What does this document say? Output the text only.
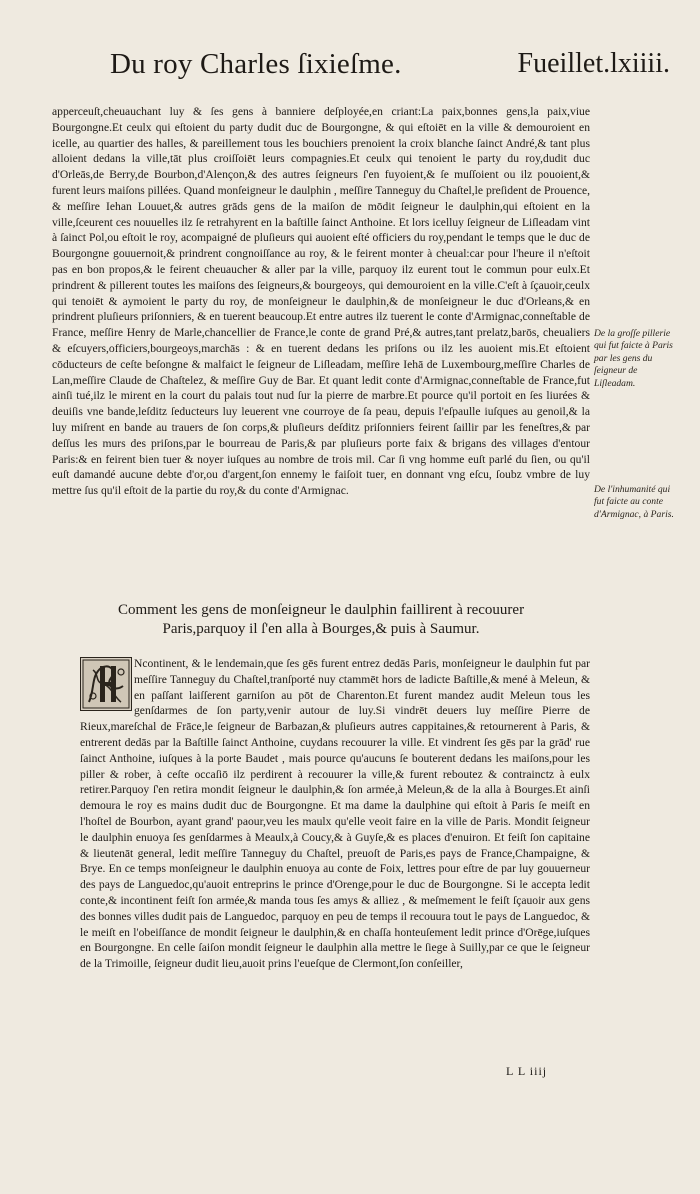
Du roy Charles ſixieſme.	Fueillet.lxiiii.

apperceuſt,cheuauchant luy & ſes gens à banniere deſployée,en criant:La paix,bonnes gens,la paix,viue Bourgongne.Et ceulx qui eſtoient du party dudit duc de Bourgongne, & qui eſtoiēt en la ville & demouroient en icelle, au quartier des halles, & pareillement tous les bouchiers prenoient la croix blanche ſainct André,& tant plus alloient dedans la ville,tāt plus croiſſoiēt leurs compagnies.Et ceulx qui tenoient le party du roy,dudit duc d'Orleās,de Berry,de Bourbon,d'Alençon,& des autres ſeigneurs ſ'en fuyoient,& ſe muſſoient ou ilz pouoient,& furent leurs maiſons pillées. Quand monſeigneur le daulphin , meſſire Tanneguy du Chaſtel,le preſident de Prouence, & meſſire Iehan Louuet,& autres grāds gens de la maiſon de mōdit ſeigneur le daulphin,qui eſtoient en la ville,ſceurent ces nouuelles ilz ſe retrahyrent en la baſtille ſainct Anthoine. Et lors icelluy ſeigneur de Liſleadam vint à ſainct Pol,ou eſtoit le roy, acompaigné de pluſieurs qui auoient eſté officiers du roy,pendant le temps que le duc de Bourgongne gouuernoit,& prindrent congnoiſſance au roy, & le feirent monter à cheual:car pour l'heure il n'eſtoit pas en bon propos,& le feirent cheuaucher & aller par la ville, parquoy ilz eurent tout le commun pour eulx.Et prindrent & pillerent toutes les maiſons des ſeigneurs,& bourgeoys, qui demouroient en la ville.C'eſt à ſçauoir,ceulx qui tenoiēt & aymoient le party du roy, de monſeigneur le daulphin,& de monſeigneur le duc d'Orleans,& en prindrent pluſieurs priſonniers, & en tuerent beaucoup.Et entre autres ilz tuerent le conte d'Armignac,conneſtable de France, meſſire Henry de Marle,chancellier de France,le conte de grand Pré,& autres,tant prelatz,barōs, cheualiers & eſcuyers,officiers,bourgeoys,marchās : & en tuerent dedans les priſons ou ilz les auoient mis.Et eſtoient cōducteurs de ceſte beſongne & malfaict le ſeigneur de Liſleadam, meſſire Iehā de Luxembourg,meſſire Charles de Lan,meſſire Claude de Chaſtelez, & meſſire Guy de Bar. Et quant ledit conte d'Armignac,conneſtable de France,fut ainſi tué,ilz le mirent en la court du palais tout nud ſur la pierre de marbre.Et pource qu'il portoit en ſes liurées & deuiſis vne bande,leſditz ſeducteurs luy leuerent vne courroye de ſa peau, depuis l'eſpaulle iuſques au genoil,& la luy miſrent en bande au trauers de ſon corps,& pluſieurs deſditz priſonniers feirent ſaillir par les feneſtres,& par deſſus les murs des priſons,par le bourreau de Paris,& par pluſieurs porte faix & brigans des villages d'entour Paris:& en feirent bien tuer & noyer iuſques au nombre de trois mil. Car ſi vng homme euſt parlé du ſien, ou qu'il euſt damandé aucune debte d'or,ou d'argent,ſon ennemy le faiſoit tuer, en donnant vng eſcu, ſoubz vmbre de luy mettre ſus qu'il eſtoit de la partie du roy,& du conte d'Armignac.

De la groſſe pillerie qui fut faicte à Paris par les gens du ſeigneur de Liſleadam.
De l'inhumanité qui fut faicte au conte d'Armignac, à Paris.
Comment les gens de monſeigneur le daulphin faillirent à recouurer
Paris,parquoy il ſ'en alla à Bourges,& puis à Saumur.

Ncontinent, & le lendemain,que ſes gēs furent entrez dedās Paris, monſeigneur le daulphin fut par meſſire Tanneguy du Chaſtel,tranſporté nuy ctammēt hors de ladicte Baſtille,& mené à Meleun, & en paſſant laiſſerent garniſon au pōt de Charenton.Et furent mandez audit Meleun tous les genſdarmes de ſon party,venir autour de luy.Si vindrēt deuers luy meſſire Pierre de Rieux,mareſchal de Frāce,le ſeigneur de Barbazan,& pluſieurs autres cappitaines,& retournerent à Paris, & entrerent dedās par la Baſtille ſainct Anthoine, cuydans recouurer la ville. Et vindrent ſes gēs par la grād' rue ſainct Anthoine, iuſques à la porte Baudet , mais pource qu'aucuns ſe bouterent dedans les maiſons,pour les piller & rober, à ceſte occaſiō ilz perdirent à recouurer la ville,& furent reboutez & contrainctz à eulx retirer.Parquoy ſ'en retira mondit ſeigneur le daulphin,& ſon armée,à Meleun,& de la alla à Bourges.Et ainſi demoura le roy es mains dudit duc de Bourgongne. Et ma dame la daulphine qui eſtoit à Paris ſe meiſt en l'hoſtel de Bourbon, ayant grand' paour,veu les maulx qu'elle veoit faire en la ville de Paris. Mondit ſeigneur le daulphin enuoya ſes genſdarmes à Meaulx,à Coucy,& à Guyſe,& es places d'enuiron. Et feiſt ſon capitaine & lieutenāt general, ledit meſſire Tanneguy du Chaſtel, preuoſt de Paris,es pays de France,Champaigne, & Brye. En ce temps monſeigneur le daulphin enuoya au conte de Foix, lettres pour eſtre de par luy gouuerneur des pays de Languedoc,qu'auoit entreprins le prince d'Orenge,pour le duc de Bourgongne. Si le accepta ledit conte,& incontinent feiſt ſon armée,& manda tous ſes amys & alliez , & meſmement le feiſt ſçauoir aux gens des bonnes villes dudit pais de Languedoc, parquoy en peu de temps il recouura tout le pays de Languedoc, & le meiſt en l'obeiſſance de mondit ſeigneur le daulphin,& en chaſſa honteuſement ledit prince d'Orēge,iuſques en Bourgongne. En celle ſaiſon mondit ſeigneur le daulphin alla mettre le ſiege à Suilly,par ce que le ſeigneur de la Trimoille, ſeigneur dudit lieu,auoit prins l'eueſque de Clermont,ſon conſeiller,

L L iiij
